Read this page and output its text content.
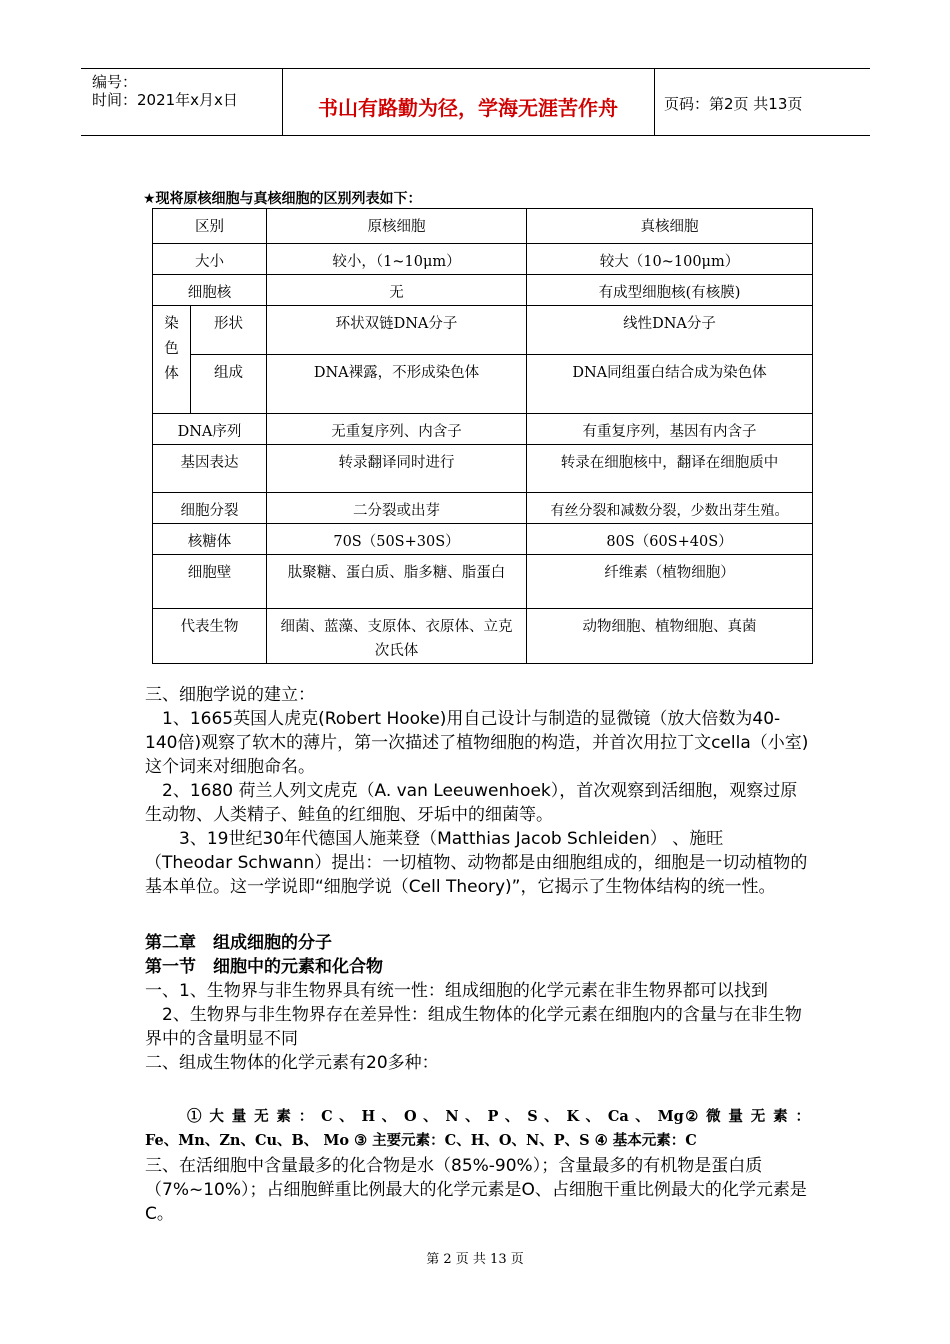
编号：
时间：2021年x月x日	书山有路勤为径，学海无涯苦作舟	页码：第2页 共13页
★现将原核细胞与真核细胞的区别列表如下：
区别		原核细胞	真核细胞
大小		较小，（1~10μm）	较大（10~100μm）
细胞核		无	有成型细胞核(有核膜)

染色体	形状	环状双链DNA分子	线性DNA分子
	组成	DNA裸露，不形成染色体	DNA同组蛋白结合成为染色体
DNA序列		无重复序列、内含子	有重复序列，基因有内含子
基因表达		转录翻译同时进行	转录在细胞核中，翻译在细胞质中
细胞分裂		二分裂或出芽	有丝分裂和减数分裂，少数出芽生殖。
核糖体		70S（50S+30S）	80S（60S+40S）
细胞壁		肽聚糖、蛋白质、脂多糖、脂蛋白	纤维素（植物细胞）
代表生物		细菌、蓝藻、支原体、衣原体、立克次氏体	动物细胞、植物细胞、真菌

三、细胞学说的建立：

1、1665英国人虎克(Robert Hooke)用自己设计与制造的显微镜（放大倍数为40-140倍)观察了软木的薄片，第一次描述了植物细胞的构造，并首次用拉丁文cella（小室)这个词来对细胞命名。

2、1680 荷兰人列文虎克（A. van Leeuwenhoek），首次观察到活细胞，观察过原生动物、人类精子、鲑鱼的红细胞、牙垢中的细菌等。

3、19世纪30年代德国人施莱登（Matthias Jacob Schleiden） 、施旺（Theodar Schwann）提出：一切植物、动物都是由细胞组成的，细胞是一切动植物的基本单位。这一学说即“细胞学说（Cell Theory)”，它揭示了生物体结构的统一性。

第二章　组成细胞的分子

第一节　细胞中的元素和化合物

一、1、生物界与非生物界具有统一性：组成细胞的化学元素在非生物界都可以找到

2、生物界与非生物界存在差异性：组成生物体的化学元素在细胞内的含量与在非生物界中的含量明显不同

二、组成生物体的化学元素有20多种：

① 大 量 无 素 ： C 、 H 、 O 、 N 、 P 、 S 、 K 、 Ca 、 Mg② 微 量 无 素 ：

Fe、Mn、Zn、Cu、B、 Mo ③ 主要元素：C、H、O、N、P、S ④ 基本元素：C

三、在活细胞中含量最多的化合物是水（85%-90%）；含量最多的有机物是蛋白质（7%~10%）；占细胞鲜重比例最大的化学元素是O、占细胞干重比例最大的化学元素是C。

第 2 页 共 13 页
